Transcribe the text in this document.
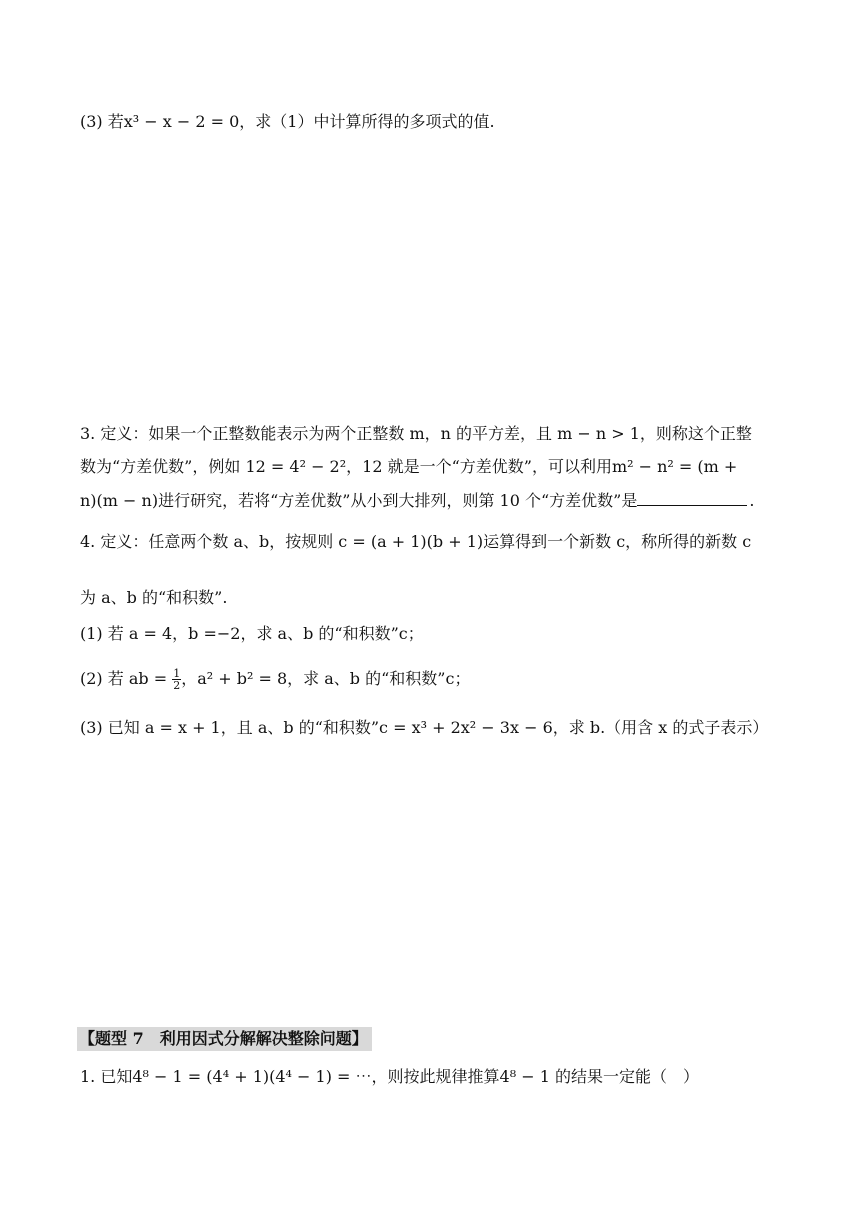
(3) 若x³ − x − 2 = 0，求（1）中计算所得的多项式的值.
3. 定义：如果一个正整数能表示为两个正整数 m，n 的平方差，且 m − n > 1，则称这个正整
数为“方差优数”，例如 12 = 4² − 2²，12 就是一个“方差优数”，可以利用m² − n² = (m +
n)(m − n)进行研究，若将“方差优数”从小到大排列，则第 10 个“方差优数”是	.
4. 定义：任意两个数 a、b，按规则 c = (a + 1)(b + 1)运算得到一个新数 c，称所得的新数 c
为 a、b 的“和积数”.
(1) 若 a = 4，b =−2，求 a、b 的“和积数”c；
(2) 若 ab = $\frac{1}{2}$ ，a² + b² = 8，求 a、b 的“和积数”c；
(3) 已知 a = x + 1，且 a、b 的“和积数”c = x³ + 2x² − 3x − 6，求 b.（用含 x 的式子表示）
【题型 7　利用因式分解解决整除问题】
1. 已知4⁸ − 1 = (4⁴ + 1)(4⁴ − 1) = ⋯，则按此规律推算4⁸ − 1 的结果一定能（　）
